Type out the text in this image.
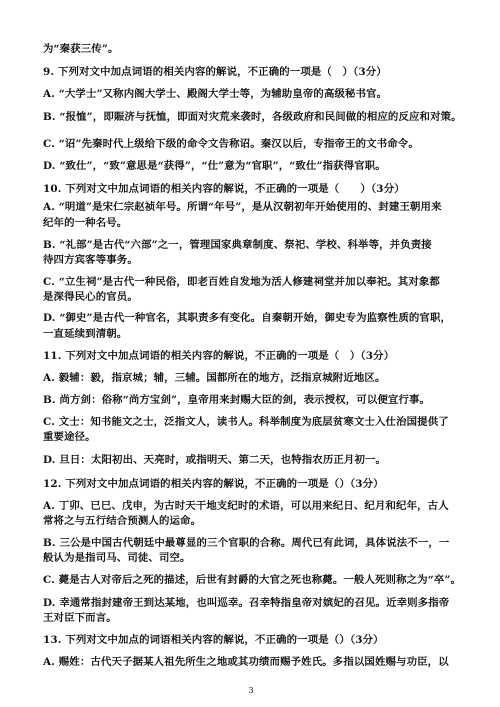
为“秦获三传”。
9. 下列对文中加点词语的相关内容的解说，不正确的一项是（　）（3分）
A. “大学士”又称内阁大学士、殿阁大学士等，为辅助皇帝的高级秘书官。
B. “报恤”，即賑济与抚恤，即面对灾荒来袭时，各级政府和民间做的相应的反应和对策。
C. “诏”先秦时代上级给下级的命令文告称诏。秦汉以后，专指帝王的文书命令。
D. “致仕”，“致”意思是“获得”，“仕”意为“官职”，“致仕”指获得官职。
10. 下列对文中加点词语的相关内容的解说，不正确的一项是（　　）（3分）
A. “明道”是宋仁宗赵祯年号。所谓“年号”，是从汉朝初年开始使用的、封建王朝用来
纪年的一种名号。
B. “礼部”是古代“六部”之一，管理国家典章制度、祭祀、学校、科举等，并负责接
待四方宾客等事务。
C. “立生祠”是古代一种民俗，即老百姓自发地为活人修建祠堂并加以奉祀。其对象都
是深得民心的官员。
D. “御史”是古代一种官名，其职责多有变化。自秦朝开始，御史专为监察性质的官职，
一直延续到清朝。
11. 下列对文中加点词语的相关内容的解说，不正确的一项是（　）（3分）
A. 毅辅：毅，指京城；辅，三辅。国都所在的地方，泛指京城附近地区。
B. 尚方剑：俗称“尚方宝剑”，皇帝用来封赐大臣的剑，表示授权，可以便宜行事。
C. 文士：知书能文之士，泛指文人，读书人。科举制度为底层贫寒文士入仕治国提供了
重要途径。
D. 旦日：太阳初出、天亮时，或指明天、第二天，也特指农历正月初一。
12. 下列对文中加点词语的相关内容的解说，不正确的一项是（）（3分）
A. 丁卯、已巳、戊申，为古时天干地支纪时的术语，可以用来纪日、纪月和纪年，古人
常将之与五行结合预测人的运命。
B. 三公是中国古代朝廷中最尊显的三个官职的合称。周代已有此词，具体说法不一，一
般认为是指司马、司徒、司空。
C. 薨是古人对帝后之死的描述，后世有封爵的大官之死也称薨。一般人死则称之为“卒”。
D. 幸通常指封建帝王到达某地，也叫巡幸。召幸特指皇帝对嫔妃的召见。近幸则多指帝
王对臣下而言。
13. 下列对文中加点的词语相关内容的解说，不正确的一项是（）（3分）
A. 赐姓：古代天子据某人祖先所生之地或其功绩而赐予姓氏。多指以国姓赐与功臣，以
3
